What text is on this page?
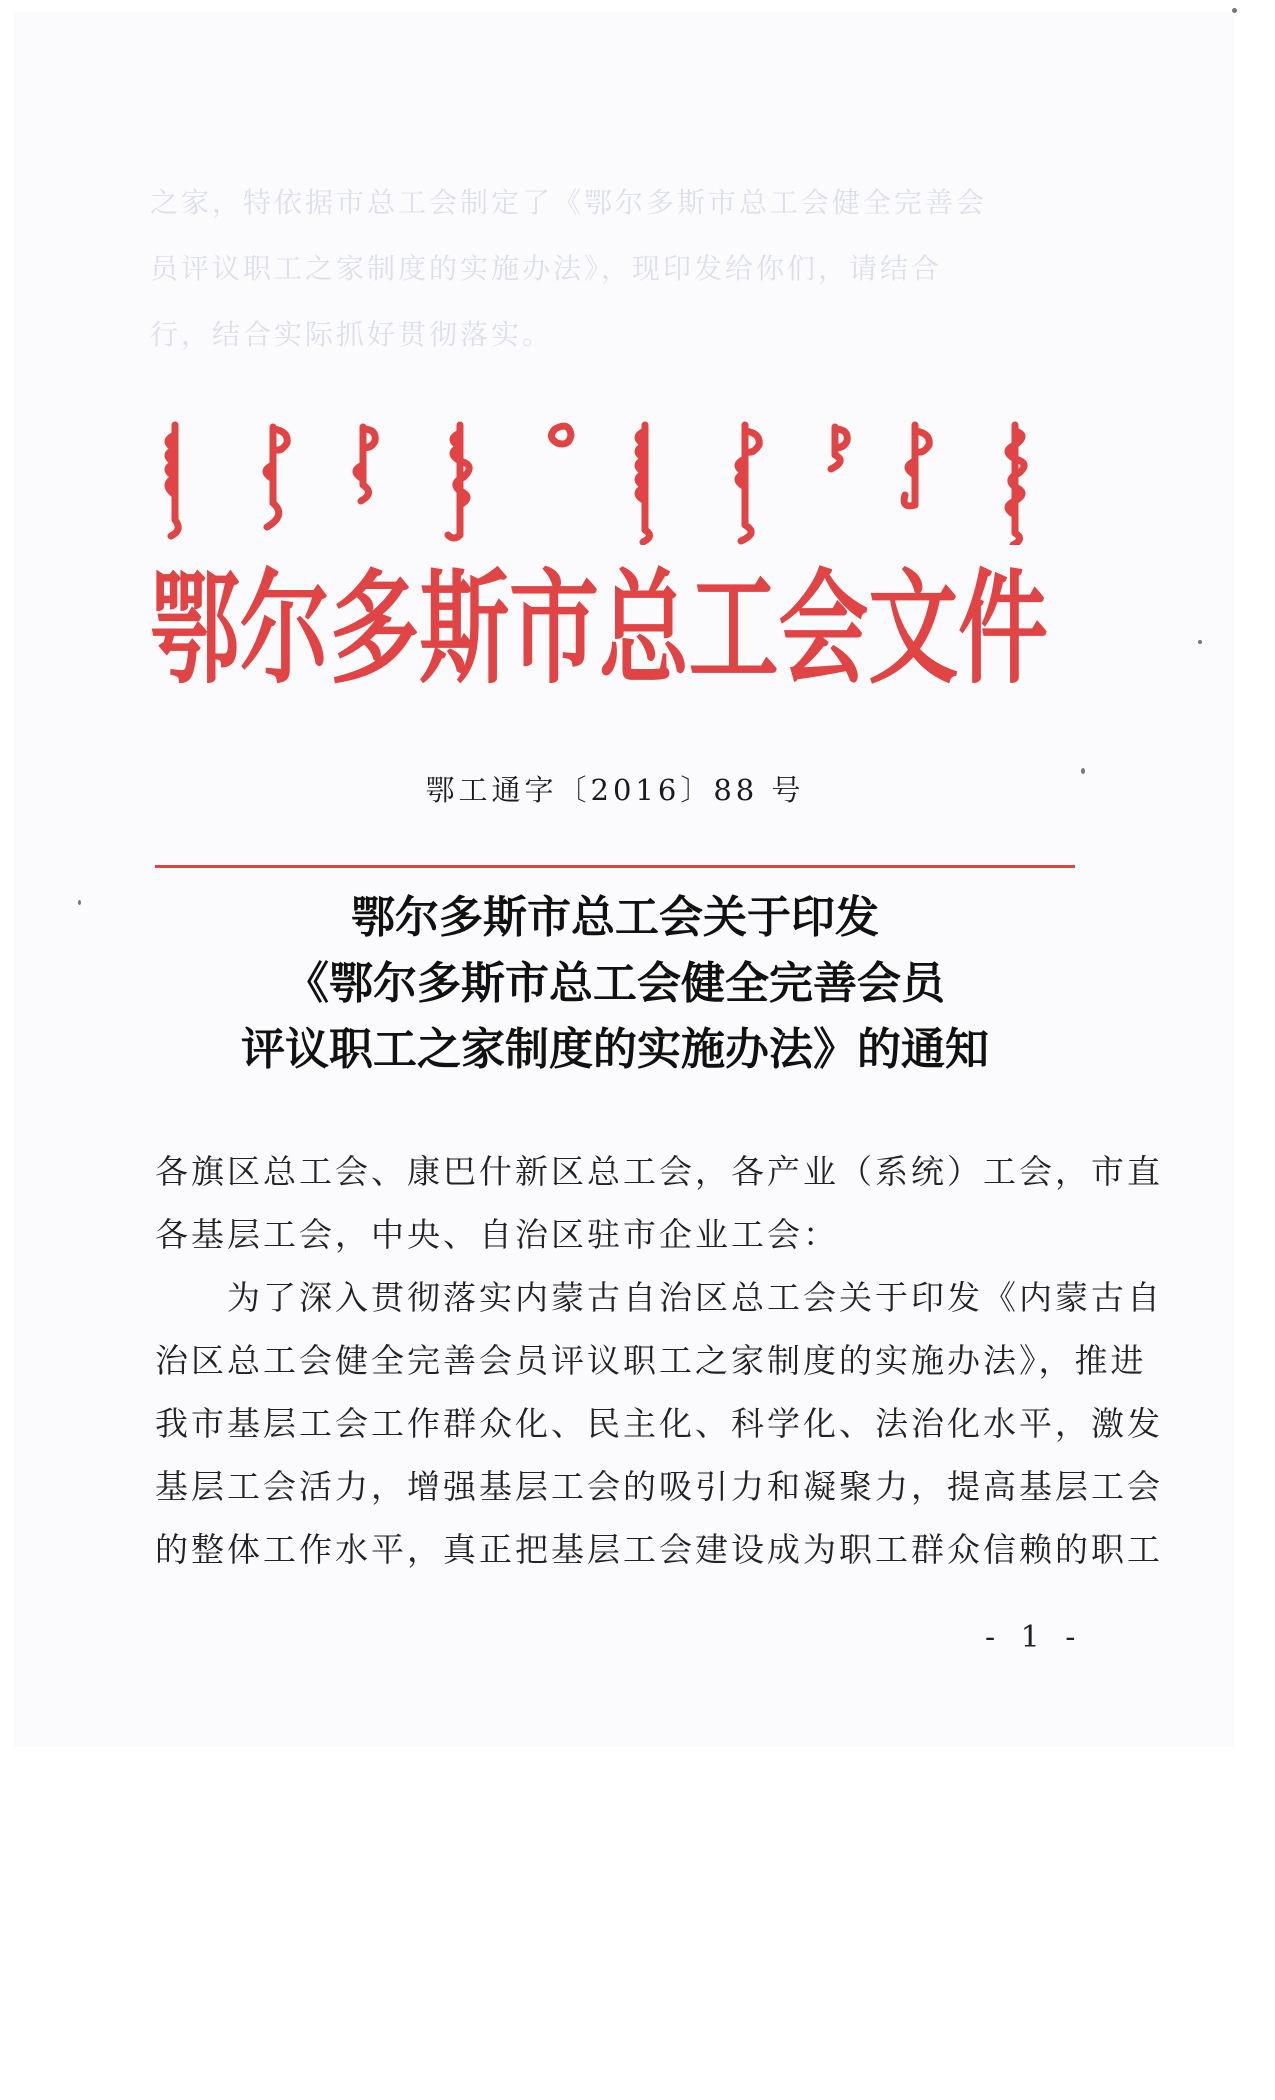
之家，特依据市总工会制定了《鄂尔多斯市总工会健全完善会
员评议职工之家制度的实施办法》，现印发给你们，请结合
行，结合实际抓好贯彻落实。
鄂尔多斯市总工会文件
鄂工通字〔2016〕88 号
鄂尔多斯市总工会关于印发
《鄂尔多斯市总工会健全完善会员
评议职工之家制度的实施办法》的通知
各旗区总工会、康巴什新区总工会，各产业（系统）工会，市直
各基层工会，中央、自治区驻市企业工会：
　　为了深入贯彻落实内蒙古自治区总工会关于印发《内蒙古自
治区总工会健全完善会员评议职工之家制度的实施办法》，推进
我市基层工会工作群众化、民主化、科学化、法治化水平，激发
基层工会活力，增强基层工会的吸引力和凝聚力，提高基层工会
的整体工作水平，真正把基层工会建设成为职工群众信赖的职工
- 1 -
